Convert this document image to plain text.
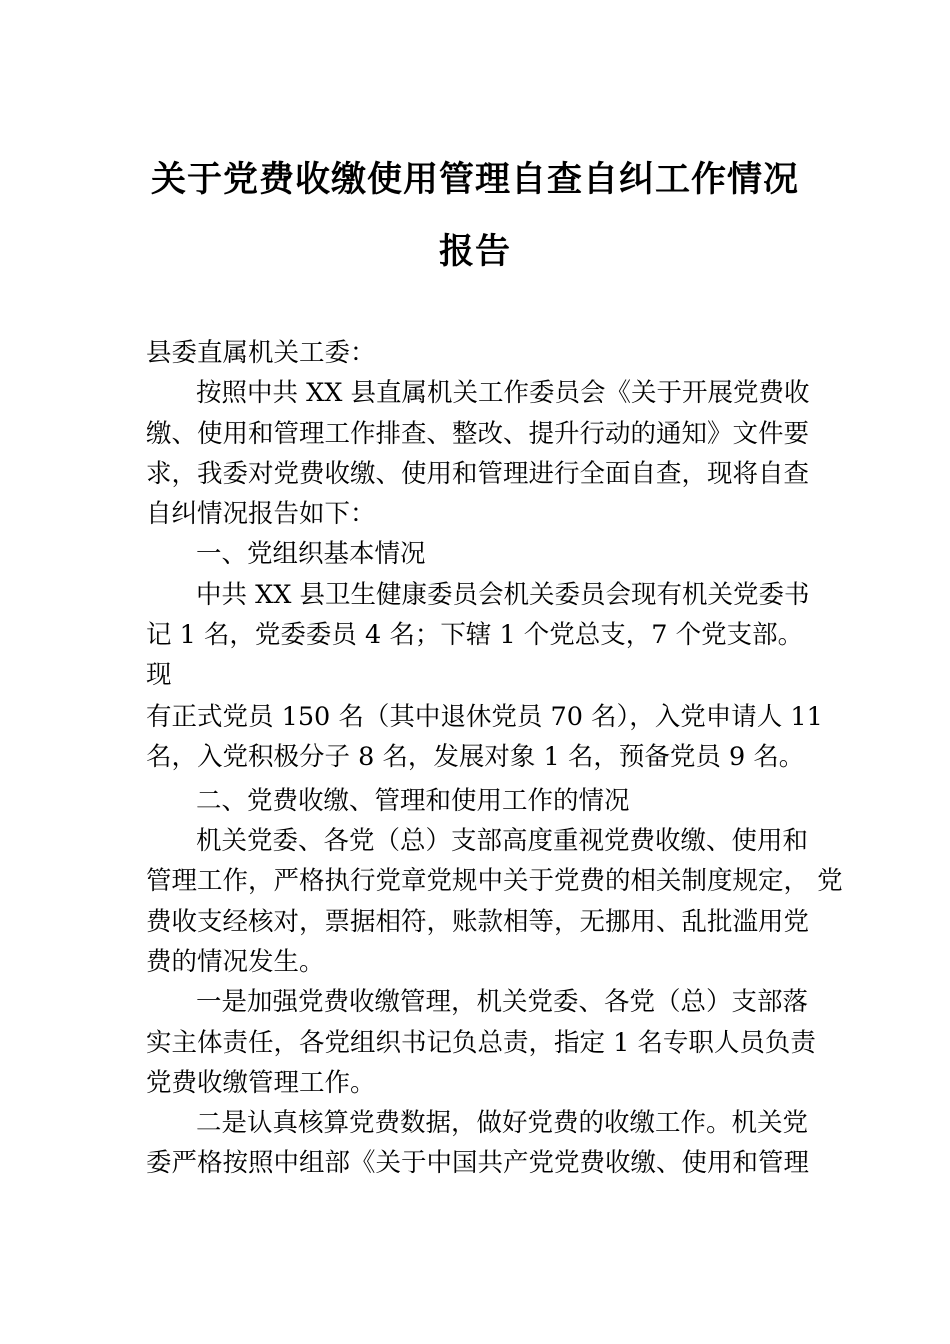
关于党费收缴使用管理自查自纠工作情况
报告
县委直属机关工委：
按照中共 XX 县直属机关工作委员会《关于开展党费收
缴、使用和管理工作排查、整改、提升行动的通知》文件要
求，我委对党费收缴、使用和管理进行全面自查，现将自查
自纠情况报告如下：
一、党组织基本情况
中共 XX 县卫生健康委员会机关委员会现有机关党委书
记 1 名，党委委员 4 名；下辖 1 个党总支，7 个党支部。
现
有正式党员 150 名（其中退休党员 70 名），入党申请人 11
名，入党积极分子 8 名，发展对象 1 名，预备党员 9 名。
二、党费收缴、管理和使用工作的情况
机关党委、各党（总）支部高度重视党费收缴、使用和
管理工作，严格执行党章党规中关于党费的相关制度规定， 党
费收支经核对，票据相符，账款相等，无挪用、乱批滥用党
费的情况发生。
一是加强党费收缴管理，机关党委、各党（总）支部落
实主体责任，各党组织书记负总责，指定 1 名专职人员负责
党费收缴管理工作。
二是认真核算党费数据，做好党费的收缴工作。机关党
委严格按照中组部《关于中国共产党党费收缴、使用和管理
